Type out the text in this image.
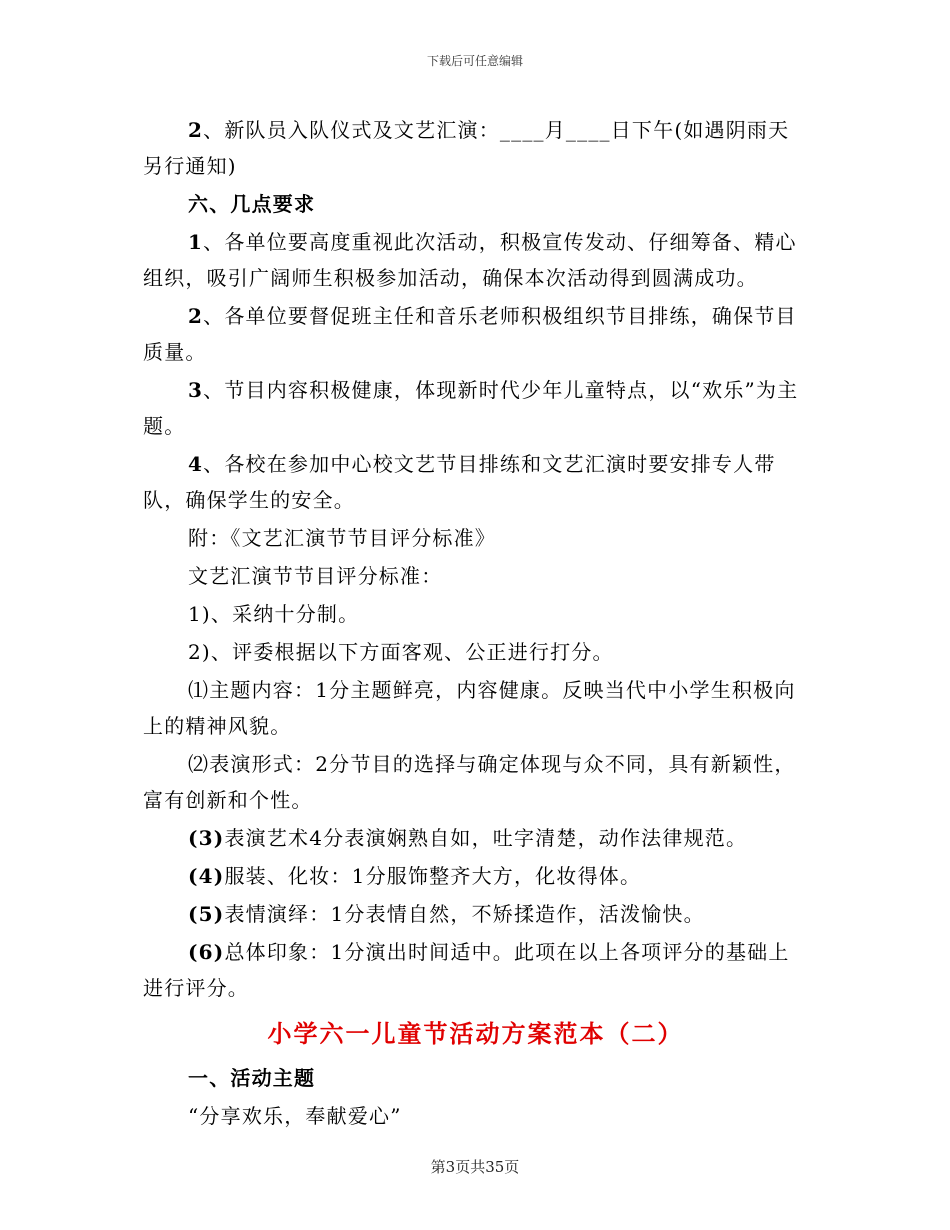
下载后可任意编辑

2、新队员入队仪式及文艺汇演：____月____日下午(如遇阴雨天另行通知)

六、几点要求

1、各单位要高度重视此次活动，积极宣传发动、仔细筹备、精心组织，吸引广阔师生积极参加活动，确保本次活动得到圆满成功。

2、各单位要督促班主任和音乐老师积极组织节目排练，确保节目质量。

3、节目内容积极健康，体现新时代少年儿童特点，以“欢乐”为主题。

4、各校在参加中心校文艺节目排练和文艺汇演时要安排专人带队，确保学生的安全。

附：《文艺汇演节节目评分标准》

文艺汇演节节目评分标准：

1)、采纳十分制。

2)、评委根据以下方面客观、公正进行打分。

⑴主题内容：1分主题鲜亮，内容健康。反映当代中小学生积极向上的精神风貌。

⑵表演形式：2分节目的选择与确定体现与众不同，具有新颖性，富有创新和个性。

(3)表演艺术4分表演娴熟自如，吐字清楚，动作法律规范。

(4)服装、化妆：1分服饰整齐大方，化妆得体。

(5)表情演绎：1分表情自然，不矫揉造作，活泼愉快。

(6)总体印象：1分演出时间适中。此项在以上各项评分的基础上进行评分。

小学六一儿童节活动方案范本（二）

一、活动主题

“分享欢乐，奉献爱心”

第3页共35页
